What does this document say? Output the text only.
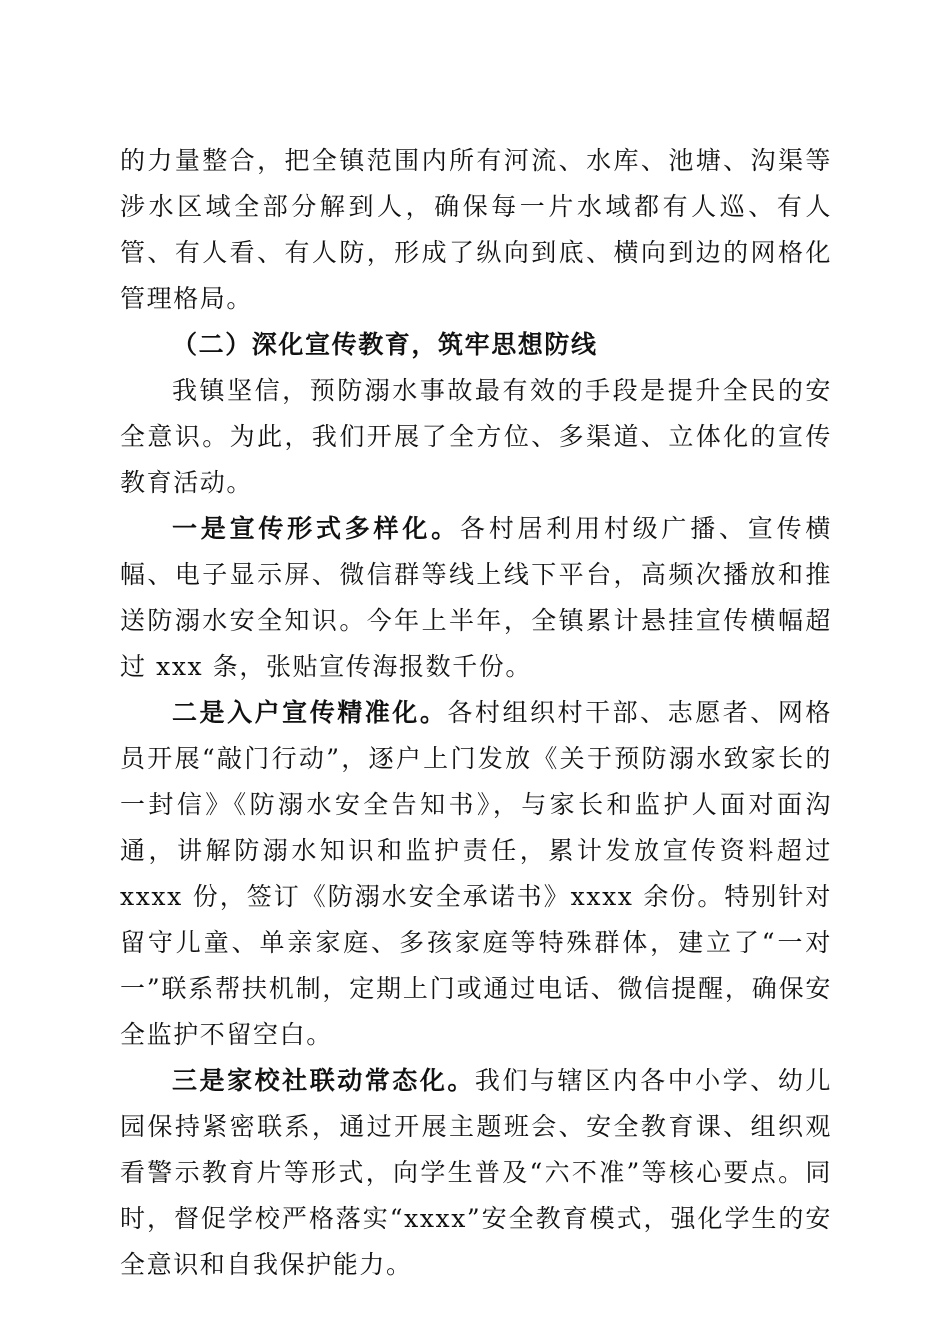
的力量整合，把全镇范围内所有河流、水库、池塘、沟渠等涉水区域全部分解到人，确保每一片水域都有人巡、有人管、有人看、有人防，形成了纵向到底、横向到边的网格化管理格局。

（二）深化宣传教育，筑牢思想防线

我镇坚信，预防溺水事故最有效的手段是提升全民的安全意识。为此，我们开展了全方位、多渠道、立体化的宣传教育活动。

一是宣传形式多样化。各村居利用村级广播、宣传横幅、电子显示屏、微信群等线上线下平台，高频次播放和推送防溺水安全知识。今年上半年，全镇累计悬挂宣传横幅超过 xxx 条，张贴宣传海报数千份。

二是入户宣传精准化。各村组织村干部、志愿者、网格员开展“敲门行动”，逐户上门发放《关于预防溺水致家长的一封信》《防溺水安全告知书》，与家长和监护人面对面沟通，讲解防溺水知识和监护责任，累计发放宣传资料超过 xxxx 份，签订《防溺水安全承诺书》xxxx 余份。特别针对留守儿童、单亲家庭、多孩家庭等特殊群体，建立了“一对一”联系帮扶机制，定期上门或通过电话、微信提醒，确保安全监护不留空白。

三是家校社联动常态化。我们与辖区内各中小学、幼儿园保持紧密联系，通过开展主题班会、安全教育课、组织观看警示教育片等形式，向学生普及“六不准”等核心要点。同时，督促学校严格落实“xxxx”安全教育模式，强化学生的安全意识和自我保护能力。
